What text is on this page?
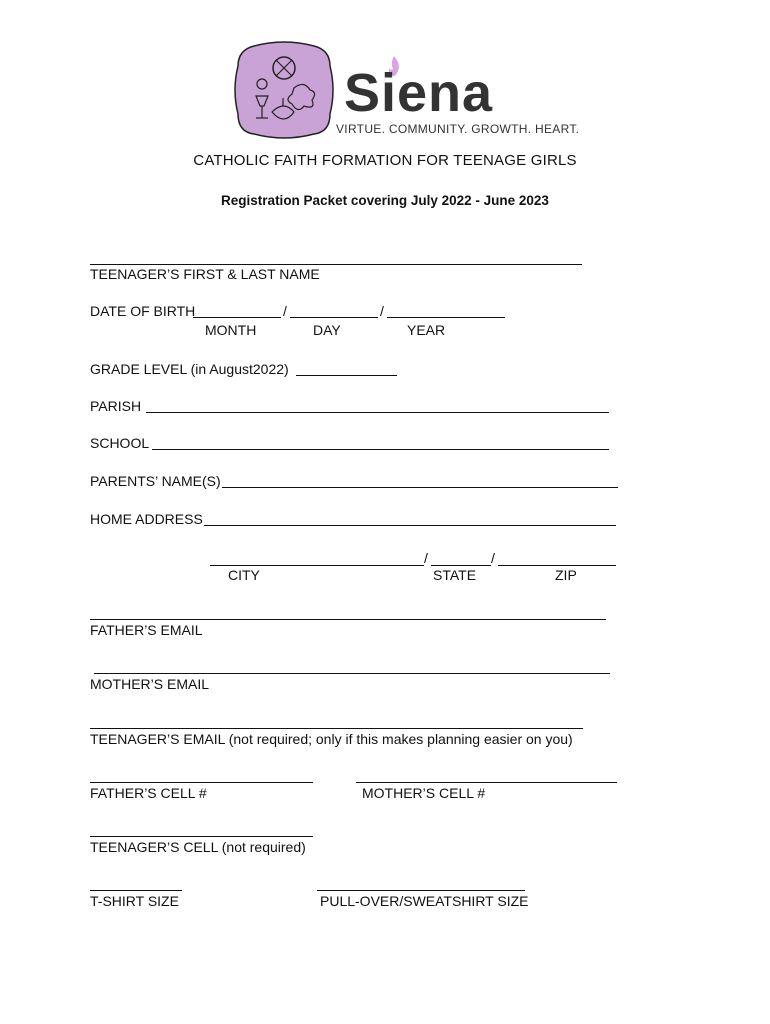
Siena
VIRTUE. COMMUNITY. GROWTH. HEART.
CATHOLIC FAITH FORMATION FOR TEENAGE GIRLS
Registration Packet covering July 2022 - June 2023
TEENAGER’S FIRST & LAST NAME
DATE OF BIRTH	/	/
MONTH	DAY	YEAR
GRADE LEVEL (in August2022)
PARISH
SCHOOL
PARENTS’ NAME(S)
HOME ADDRESS
/	/
CITY	STATE	ZIP
FATHER’S EMAIL
MOTHER’S EMAIL
TEENAGER’S EMAIL (not required; only if this makes planning easier on you)
FATHER’S CELL #	MOTHER’S CELL #
TEENAGER’S CELL (not required)
T-SHIRT SIZE	PULL-OVER/SWEATSHIRT SIZE
